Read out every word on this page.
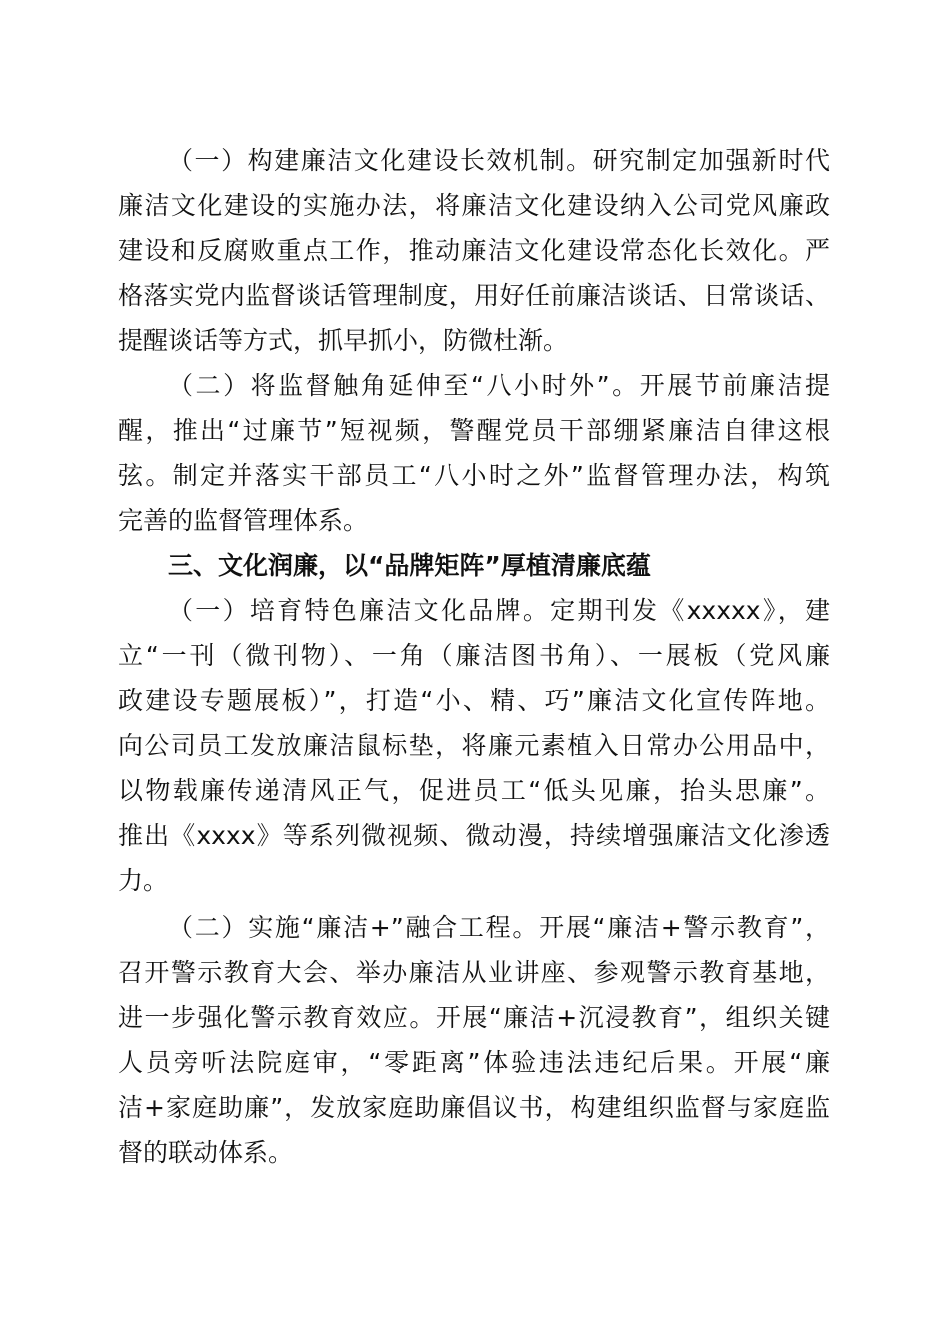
（一）构建廉洁文化建设长效机制。研究制定加强新时代
廉洁文化建设的实施办法，将廉洁文化建设纳入公司党风廉政
建设和反腐败重点工作，推动廉洁文化建设常态化长效化。严
格落实党内监督谈话管理制度，用好任前廉洁谈话、日常谈话、
提醒谈话等方式，抓早抓小，防微杜渐。
（二）将监督触角延伸至“八小时外”。开展节前廉洁提
醒，推出“过廉节”短视频，警醒党员干部绷紧廉洁自律这根
弦。制定并落实干部员工“八小时之外”监督管理办法，构筑
完善的监督管理体系。
三、文化润廉，以“品牌矩阵”厚植清廉底蕴
（一）培育特色廉洁文化品牌。定期刊发《xxxxx》，建
立“一刊（微刊物）、一角（廉洁图书角）、一展板（党风廉
政建设专题展板）”，打造“小、精、巧”廉洁文化宣传阵地。
向公司员工发放廉洁鼠标垫，将廉元素植入日常办公用品中，
以物载廉传递清风正气，促进员工“低头见廉，抬头思廉”。
推出《xxxx》等系列微视频、微动漫，持续增强廉洁文化渗透
力。
（二）实施“廉洁+”融合工程。开展“廉洁+警示教育”，
召开警示教育大会、举办廉洁从业讲座、参观警示教育基地，
进一步强化警示教育效应。开展“廉洁+沉浸教育”，组织关键
人员旁听法院庭审，“零距离”体验违法违纪后果。开展“廉
洁+家庭助廉”，发放家庭助廉倡议书，构建组织监督与家庭监
督的联动体系。
